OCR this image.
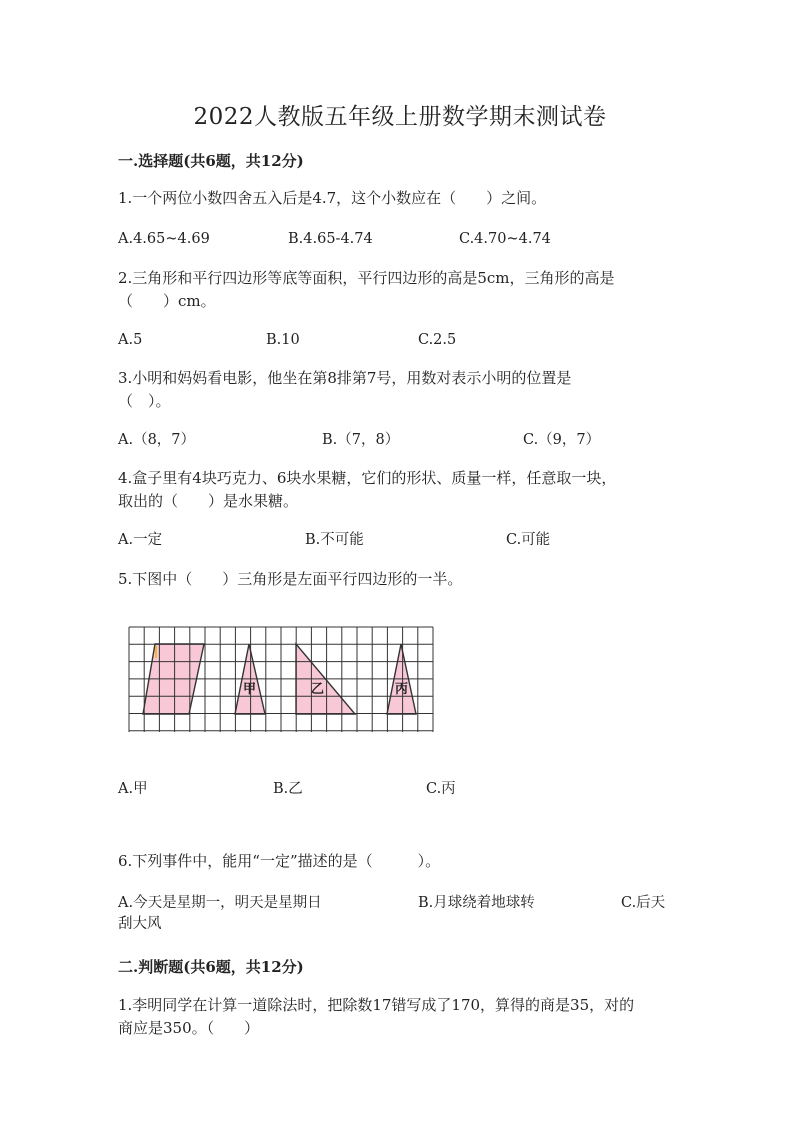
2022人教版五年级上册数学期末测试卷
一.选择题(共6题，共12分)
1.一个两位小数四舍五入后是4.7，这个小数应在（　　）之间。
A.4.65~4.69	B.4.65-4.74	C.4.70~4.74
2.三角形和平行四边形等底等面积，平行四边形的高是5cm，三角形的高是
（　　）cm。
A.5	B.10	C.2.5
3.小明和妈妈看电影，他坐在第8排第7号，用数对表示小明的位置是
（　）。
A.（8，7）	B.（7，8）	C.（9，7）
4.盒子里有4块巧克力、6块水果糖，它们的形状、质量一样，任意取一块，
取出的（　　）是水果糖。
A.一定	B.不可能	C.可能
5.下图中（　　）三角形是左面平行四边形的一半。
甲	乙	丙
A.甲	B.乙	C.丙
6.下列事件中，能用“一定”描述的是（　　　）。
A.今天是星期一，明天是星期日	B.月球绕着地球转	C.后天
刮大风
二.判断题(共6题，共12分)
1.李明同学在计算一道除法时，把除数17错写成了170，算得的商是35，对的
商应是350。（　　）
